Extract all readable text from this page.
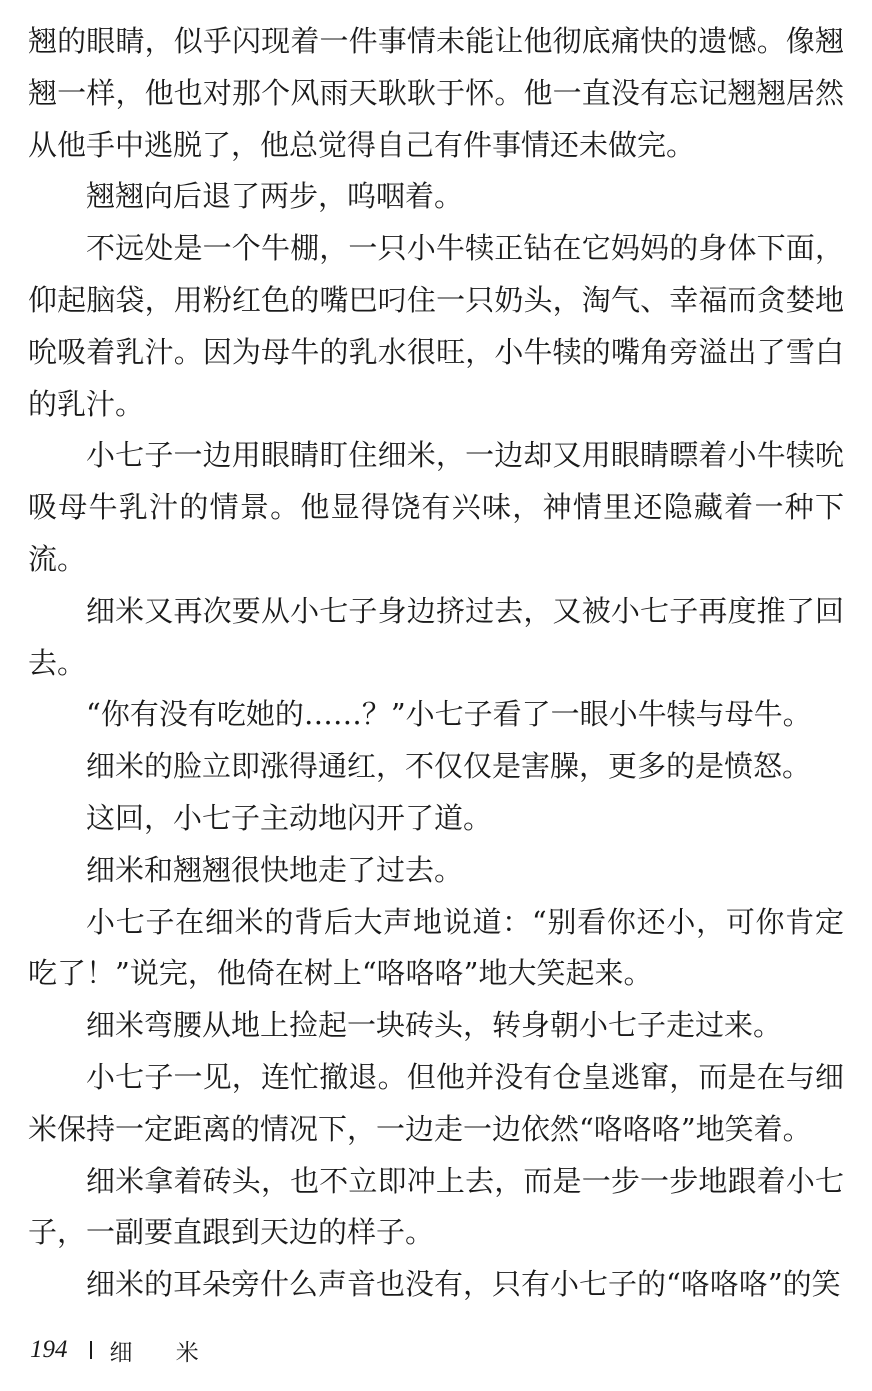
翘的眼睛，似乎闪现着一件事情未能让他彻底痛快的遗憾。像翘翘一样，他也对那个风雨天耿耿于怀。他一直没有忘记翘翘居然从他手中逃脱了，他总觉得自己有件事情还未做完。

翘翘向后退了两步，呜咽着。

不远处是一个牛棚，一只小牛犊正钻在它妈妈的身体下面，仰起脑袋，用粉红色的嘴巴叼住一只奶头，淘气、幸福而贪婪地吮吸着乳汁。因为母牛的乳水很旺，小牛犊的嘴角旁溢出了雪白的乳汁。

小七子一边用眼睛盯住细米，一边却又用眼睛瞟着小牛犊吮吸母牛乳汁的情景。他显得饶有兴味，神情里还隐藏着一种下流。

细米又再次要从小七子身边挤过去，又被小七子再度推了回去。

“你有没有吃她的……？”小七子看了一眼小牛犊与母牛。

细米的脸立即涨得通红，不仅仅是害臊，更多的是愤怒。

这回，小七子主动地闪开了道。

细米和翘翘很快地走了过去。

小七子在细米的背后大声地说道：“别看你还小，可你肯定吃了！”说完，他倚在树上“咯咯咯”地大笑起来。

细米弯腰从地上捡起一块砖头，转身朝小七子走过来。

小七子一见，连忙撤退。但他并没有仓皇逃窜，而是在与细米保持一定距离的情况下，一边走一边依然“咯咯咯”地笑着。

细米拿着砖头，也不立即冲上去，而是一步一步地跟着小七子，一副要直跟到天边的样子。

细米的耳朵旁什么声音也没有，只有小七子的“咯咯咯”的笑

194 细 米
